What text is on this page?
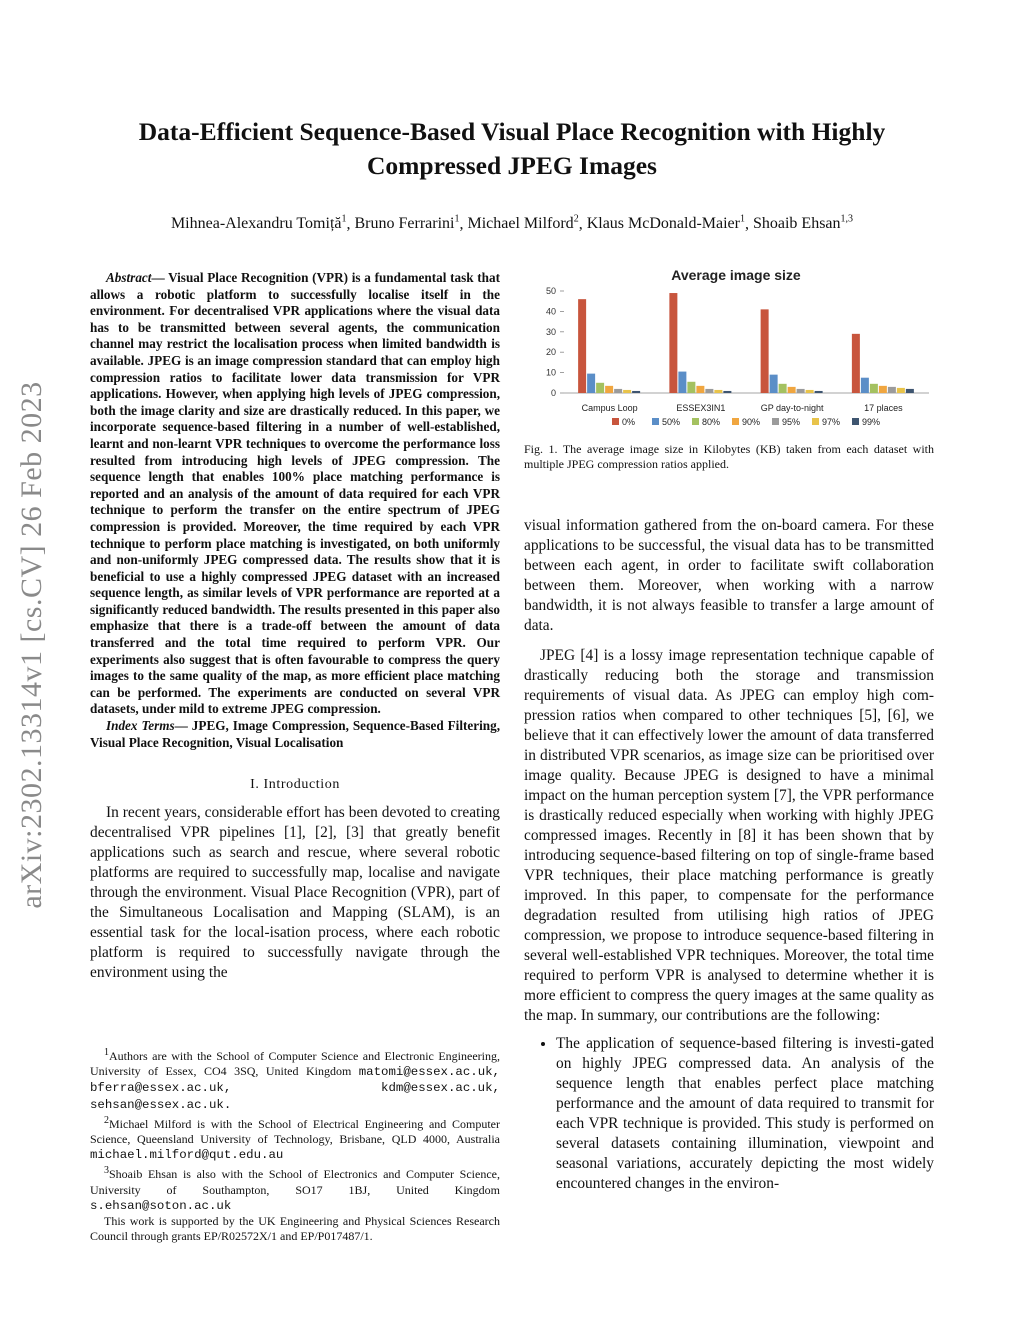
arXiv:2302.13314v1 [cs.CV] 26 Feb 2023
Data-Efficient Sequence-Based Visual Place Recognition with Highly Compressed JPEG Images
Mihnea-Alexandru Tomiță$^1$, Bruno Ferrarini$^1$, Michael Milford$^2$, Klaus McDonald-Maier$^1$, Shoaib Ehsan$^{1,3}$

Abstract— Visual Place Recognition (VPR) is a fundamental task that allows a robotic platform to successfully localise itself in the environment. For decentralised VPR applications where the visual data has to be transmitted between several agents, the communication channel may restrict the localisation process when limited bandwidth is available. JPEG is an image compression standard that can employ high compression ratios to facilitate lower data transmission for VPR applications. However, when applying high levels of JPEG compression, both the image clarity and size are drastically reduced. In this paper, we incorporate sequence-based filtering in a number of well-established, learnt and non-learnt VPR techniques to overcome the performance loss resulted from introducing high levels of JPEG compression. The sequence length that enables 100% place matching performance is reported and an analysis of the amount of data required for each VPR technique to perform the transfer on the entire spectrum of JPEG compression is provided. Moreover, the time required by each VPR technique to perform place matching is investigated, on both uniformly and non-uniformly JPEG compressed data. The results show that it is beneficial to use a highly compressed JPEG dataset with an increased sequence length, as similar levels of VPR performance are reported at a significantly reduced bandwidth. The results presented in this paper also emphasize that there is a trade-off between the amount of data transferred and the total time required to perform VPR. Our experiments also suggest that is often favourable to compress the query images to the same quality of the map, as more efficient place matching can be performed. The experiments are conducted on several VPR datasets, under mild to extreme JPEG compression.

Index Terms— JPEG, Image Compression, Sequence-Based Filtering, Visual Place Recognition, Visual Localisation

I. Introduction

In recent years, considerable effort has been devoted to creating decentralised VPR pipelines [1], [2], [3] that greatly benefit applications such as search and rescue, where several robotic platforms are required to successfully map, localise and navigate through the environment. Visual Place Recognition (VPR), part of the Simultaneous Localisation and Mapping (SLAM), is an essential task for the local-isation process, where each robotic platform is required to successfully navigate through the environment using the

$^1$Authors are with the School of Computer Science and Electronic Engineering, University of Essex, CO4 3SQ, United Kingdom matomi@essex.ac.uk, bferra@essex.ac.uk, kdm@essex.ac.uk, sehsan@essex.ac.uk.

$^2$Michael Milford is with the School of Electrical Engineering and Computer Science, Queensland University of Technology, Brisbane, QLD 4000, Australia michael.milford@qut.edu.au

$^3$Shoaib Ehsan is also with the School of Electronics and Computer Science, University of Southampton, SO17 1BJ, United Kingdom s.ehsan@soton.ac.uk

This work is supported by the UK Engineering and Physical Sciences Research Council through grants EP/R02572X/1 and EP/P017487/1.

Average image size
0
10
20
30
40
50
Campus Loop	ESSEX3IN1	GP day-to-night	17 places
0%	50% 80% 90% 95% 97% 99%

Fig. 1. The average image size in Kilobytes (KB) taken from each dataset with multiple JPEG compression ratios applied.

visual information gathered from the on-board camera. For these applications to be successful, the visual data has to be transmitted between each agent, in order to facilitate swift collaboration between them. Moreover, when working with a narrow bandwidth, it is not always feasible to transfer a large amount of data.

JPEG [4] is a lossy image representation technique capable of drastically reducing both the storage and transmission requirements of visual data. As JPEG can employ high com-pression ratios when compared to other techniques [5], [6], we believe that it can effectively lower the amount of data transferred in distributed VPR scenarios, as image size can be prioritised over image quality. Because JPEG is designed to have a minimal impact on the human perception system [7], the VPR performance is drastically reduced especially when working with highly JPEG compressed images. Recently in [8] it has been shown that by introducing sequence-based filtering on top of single-frame based VPR techniques, their place matching performance is greatly improved. In this paper, to compensate for the performance degradation resulted from utilising high ratios of JPEG compression, we propose to introduce sequence-based filtering in several well-established VPR techniques. Moreover, the total time required to perform VPR is analysed to determine whether it is more efficient to compress the query images at the same quality as the map. In summary, our contributions are the following:

• The application of sequence-based filtering is investi-gated on highly JPEG compressed data. An analysis of the sequence length that enables perfect place matching performance and the amount of data required to transmit for each VPR technique is provided. This study is performed on several datasets containing illumination, viewpoint and seasonal variations, accurately depicting the most widely encountered changes in the environ-
